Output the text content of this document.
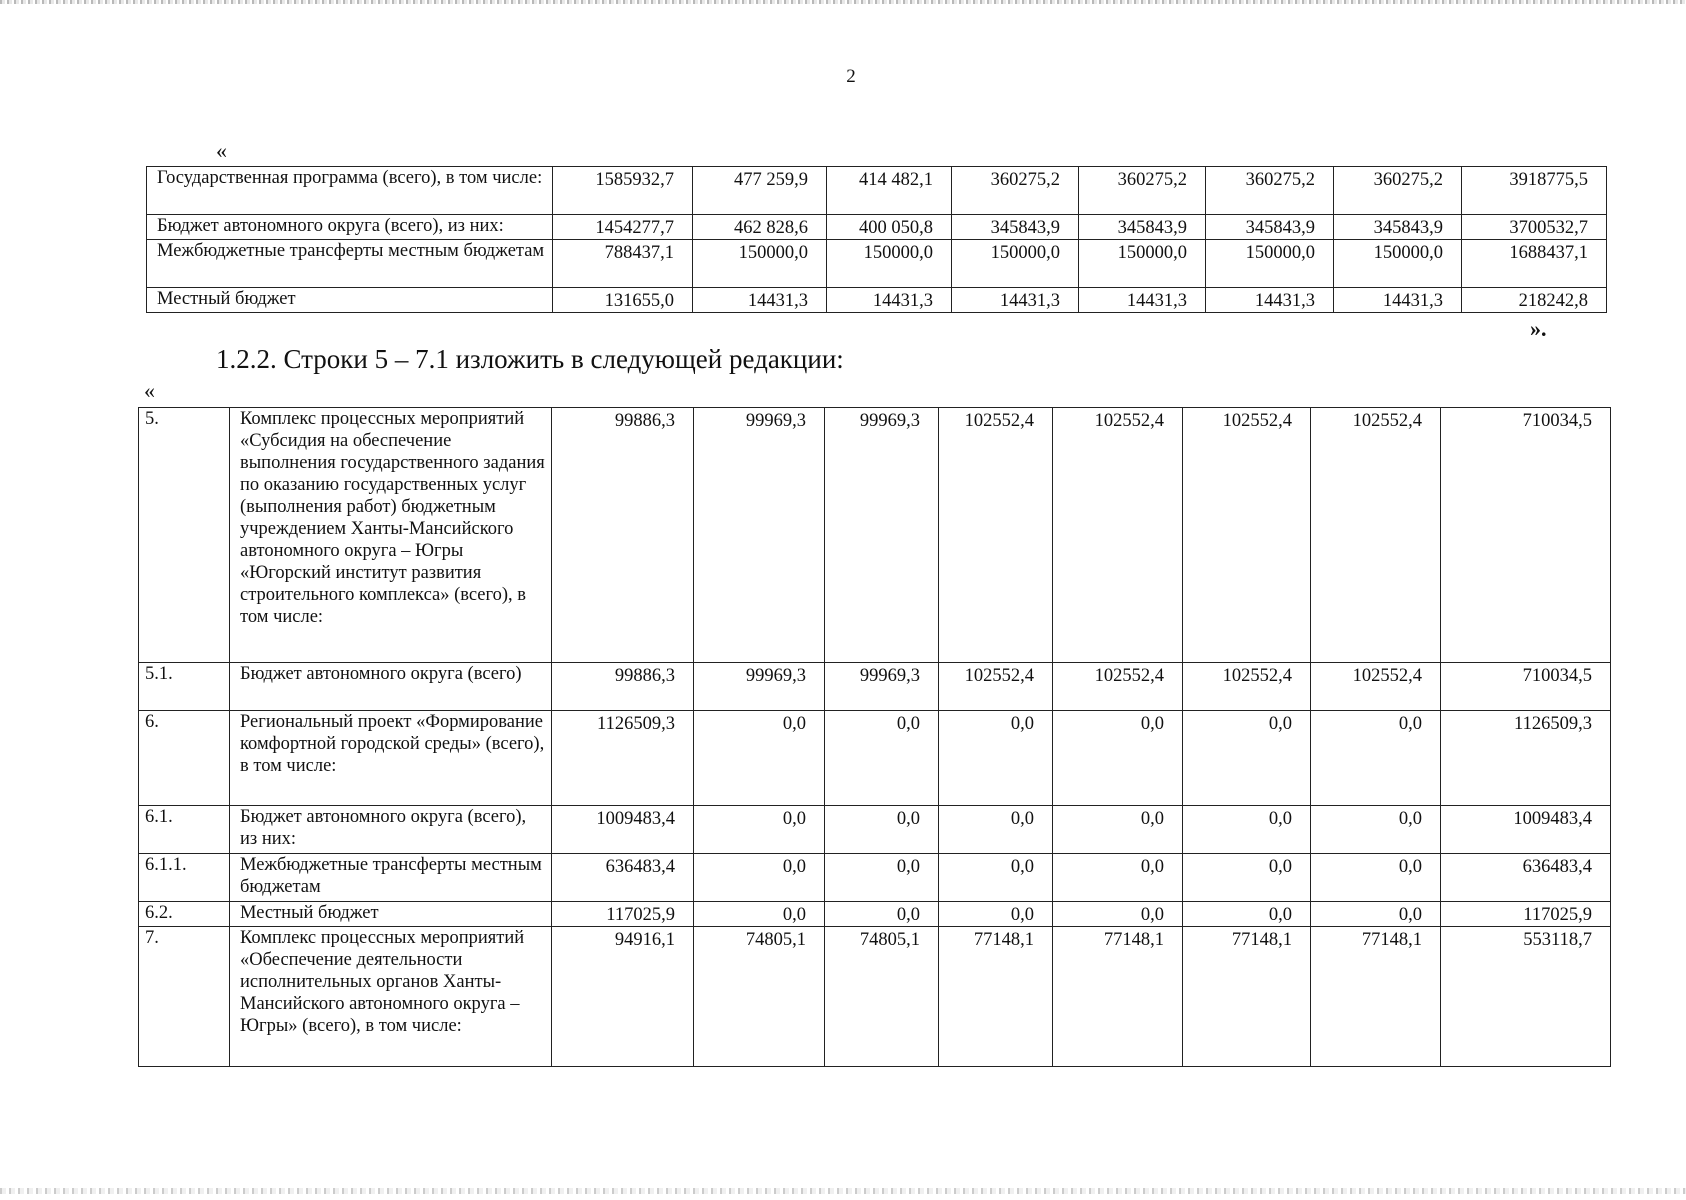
2
«
Государственная программа (всего), в том числе:	1585932,7	477 259,9	414 482,1	360275,2	360275,2	360275,2	360275,2	3918775,5
Бюджет автономного округа (всего), из них:	1454277,7	462 828,6	400 050,8	345843,9	345843,9	345843,9	345843,9	3700532,7
Межбюджетные трансферты местным бюджетам	788437,1	150000,0	150000,0	150000,0	150000,0	150000,0	150000,0	1688437,1
Местный бюджет	131655,0	14431,3	14431,3	14431,3	14431,3	14431,3	14431,3	218242,8
».
1.2.2. Строки 5 – 7.1 изложить в следующей редакции:
«
5.	Комплекс процессных мероприятий «Субсидия на обеспечение выполнения государственного задания по оказанию государственных услуг (выполнения работ) бюджетным учреждением Ханты-Мансийского автономного округа – Югры «Югорский институт развития строительного комплекса» (всего), в том числе:	99886,3	99969,3	99969,3	102552,4	102552,4	102552,4	102552,4	710034,5
5.1.	Бюджет автономного округа (всего)	99886,3	99969,3	99969,3	102552,4	102552,4	102552,4	102552,4	710034,5
6.	Региональный проект «Формирование комфортной городской среды» (всего), в том числе:	1126509,3	0,0	0,0	0,0	0,0	0,0	0,0	1126509,3
6.1.	Бюджет автономного округа (всего), из них:	1009483,4	0,0	0,0	0,0	0,0	0,0	0,0	1009483,4
6.1.1.	Межбюджетные трансферты местным бюджетам	636483,4	0,0	0,0	0,0	0,0	0,0	0,0	636483,4
6.2.	Местный бюджет	117025,9	0,0	0,0	0,0	0,0	0,0	0,0	117025,9
7.	Комплекс процессных мероприятий «Обеспечение деятельности исполнительных органов Ханты-Мансийского автономного округа – Югры» (всего), в том числе:	94916,1	74805,1	74805,1	77148,1	77148,1	77148,1	77148,1	553118,7
